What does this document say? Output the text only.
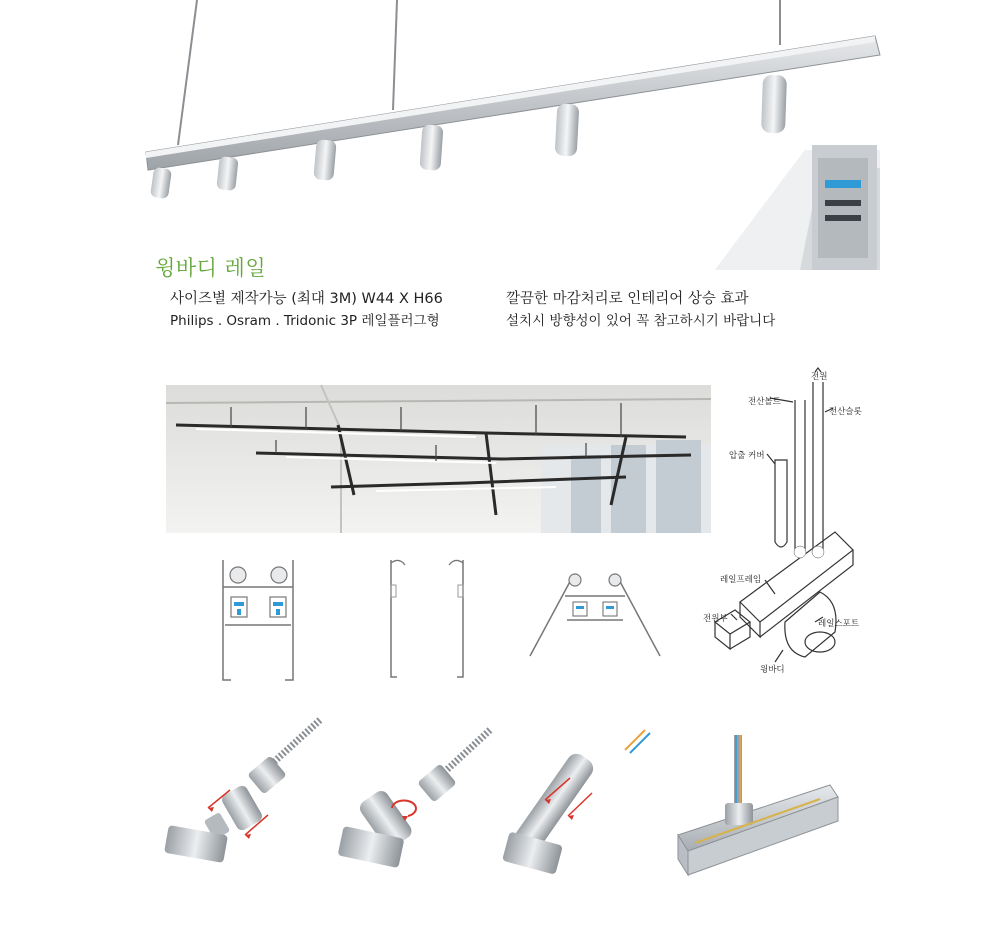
윙바디 레일
사이즈별 제작가능 (최대 3M) W44 X H66
Philips . Osram . Tridonic 3P 레일플러그형
깔끔한 마감처리로 인테리어 상승 효과
설치시 방향성이 있어 꼭 참고하시기 바랍니다
전원
전산볼트
전산슬롯
압출 커버
레일프레임
전원부	레일스포트
윙바디
